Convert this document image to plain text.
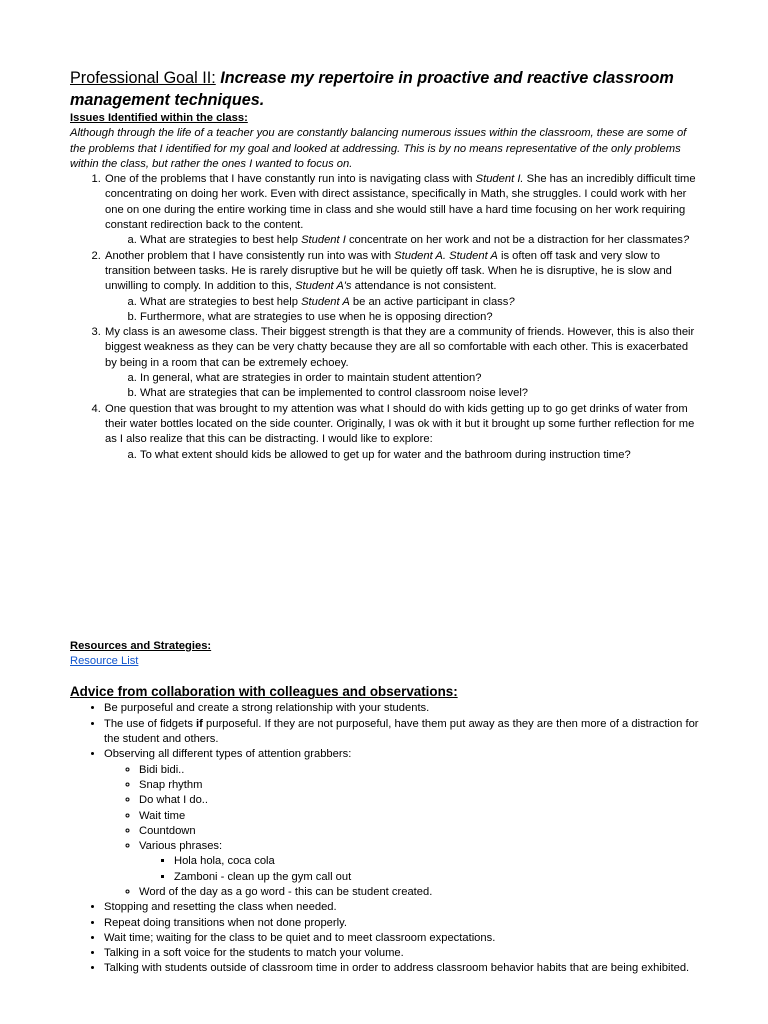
Professional Goal II: Increase my repertoire in proactive and reactive classroom management techniques.
Issues Identified within the class:
Although through the life of a teacher you are constantly balancing numerous issues within the classroom, these are some of the problems that I identified for my goal and looked at addressing. This is by no means representative of the only problems within the class, but rather the ones I wanted to focus on.
1. One of the problems that I have constantly run into is navigating class with Student I. She has an incredibly difficult time concentrating on doing her work. Even with direct assistance, specifically in Math, she struggles. I could work with her one on one during the entire working time in class and she would still have a hard time focusing on her work requiring constant redirection back to the content.
a. What are strategies to best help Student I concentrate on her work and not be a distraction for her classmates?
2. Another problem that I have consistently run into was with Student A. Student A is often off task and very slow to transition between tasks. He is rarely disruptive but he will be quietly off task. When he is disruptive, he is slow and unwilling to comply. In addition to this, Student A's attendance is not consistent.
a. What are strategies to best help Student A be an active participant in class?
b. Furthermore, what are strategies to use when he is opposing direction?
3. My class is an awesome class. Their biggest strength is that they are a community of friends. However, this is also their biggest weakness as they can be very chatty because they are all so comfortable with each other. This is exacerbated by being in a room that can be extremely echoey.
a. In general, what are strategies in order to maintain student attention?
b. What are strategies that can be implemented to control classroom noise level?
4. One question that was brought to my attention was what I should do with kids getting up to go get drinks of water from their water bottles located on the side counter. Originally, I was ok with it but it brought up some further reflection for me as I also realize that this can be distracting. I would like to explore:
a. To what extent should kids be allowed to get up for water and the bathroom during instruction time?
Resources and Strategies:
Resource List
Advice from collaboration with colleagues and observations:
• Be purposeful and create a strong relationship with your students.
• The use of fidgets if purposeful. If they are not purposeful, have them put away as they are then more of a distraction for the student and others.
• Observing all different types of attention grabbers:
◦ Bidi bidi..
◦ Snap rhythm
◦ Do what I do..
◦ Wait time
◦ Countdown
◦ Various phrases:
▪ Hola hola, coca cola
▪ Zamboni - clean up the gym call out
◦ Word of the day as a go word - this can be student created.
• Stopping and resetting the class when needed.
• Repeat doing transitions when not done properly.
• Wait time; waiting for the class to be quiet and to meet classroom expectations.
• Talking in a soft voice for the students to match your volume.
• Talking with students outside of classroom time in order to address classroom behavior habits that are being exhibited.
